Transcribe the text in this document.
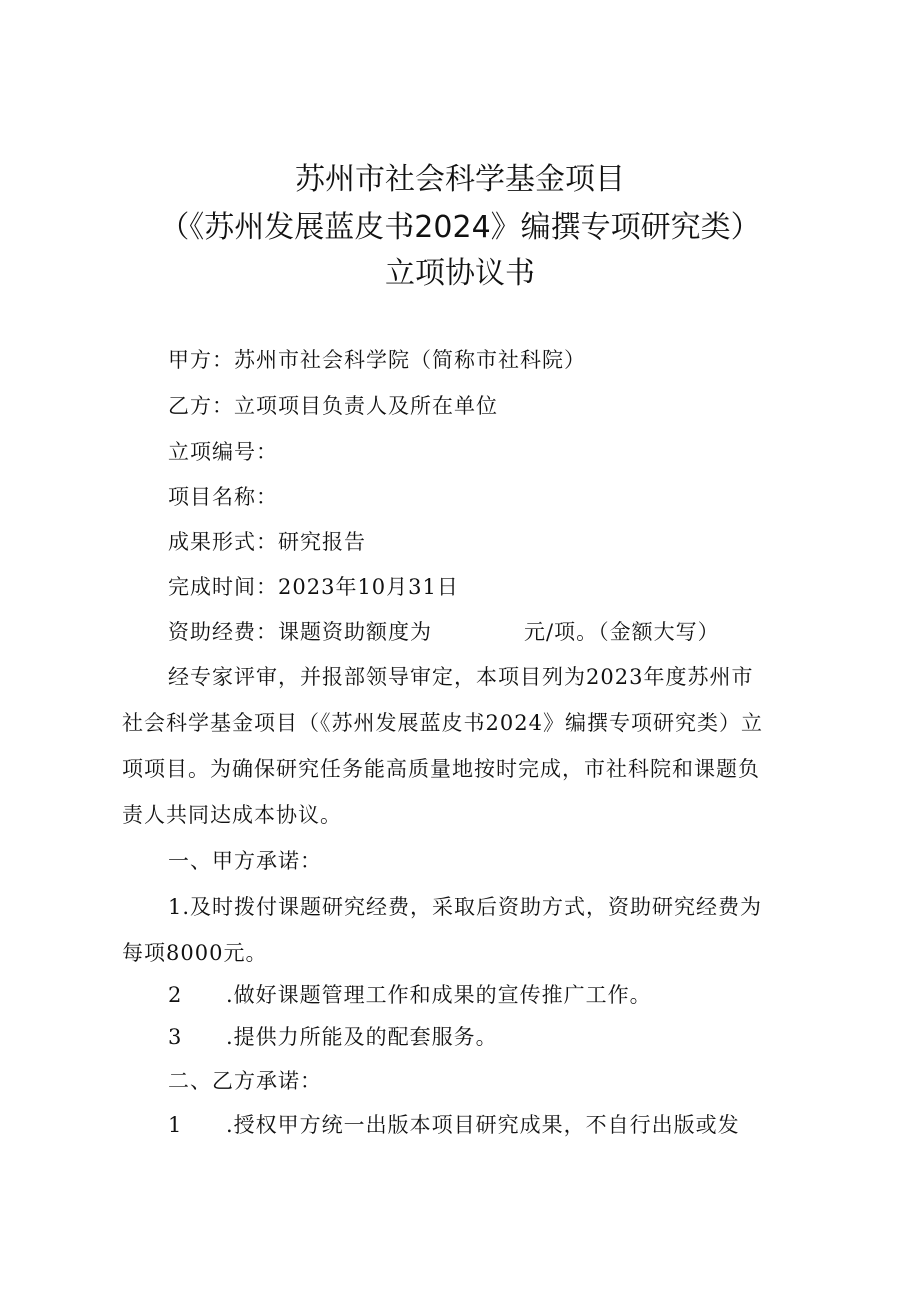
苏州市社会科学基金项目
（《苏州发展蓝皮书2024》编撰专项研究类）
立项协议书
甲方：苏州市社会科学院（简称市社科院）
乙方：立项项目负责人及所在单位
立项编号：
项目名称：
成果形式：研究报告
完成时间：2023年10月31日
资助经费：课题资助额度为	元/项。（金额大写）
经专家评审，并报部领导审定，本项目列为2023年度苏州市
社会科学基金项目（《苏州发展蓝皮书2024》编撰专项研究类）立
项项目。为确保研究任务能高质量地按时完成，市社科院和课题负
责人共同达成本协议。
一、甲方承诺：
1.及时拨付课题研究经费，采取后资助方式，资助研究经费为
每项8000元。
2 .做好课题管理工作和成果的宣传推广工作。
3 .提供力所能及的配套服务。
二、乙方承诺：
1 .授权甲方统一出版本项目研究成果，不自行出版或发
